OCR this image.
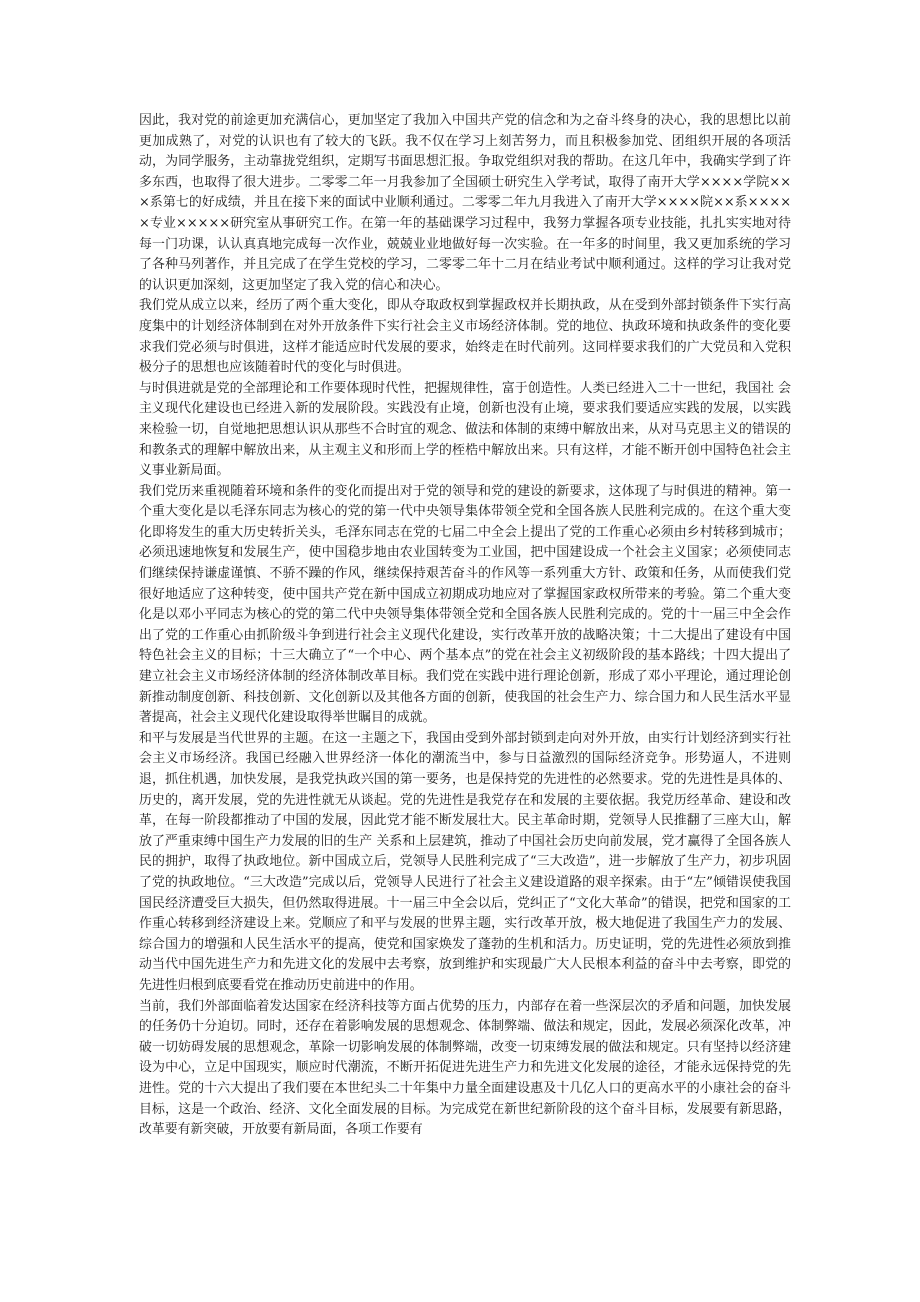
因此，我对党的前途更加充满信心，更加坚定了我加入中国共产党的信念和为之奋斗终身的决心，我的思想比以前更加成熟了，对党的认识也有了较大的飞跃。我不仅在学习上刻苦努力，而且积极参加党、团组织开展的各项活动，为同学服务，主动靠拢党组织，定期写书面思想汇报。争取党组织对我的帮助。在这几年中，我确实学到了许多东西，也取得了很大进步。二零零二年一月我参加了全国硕士研究生入学考试，取得了南开大学××××学院×××系第七的好成绩，并且在接下来的面试中业顺利通过。二零零二年九月我进入了南开大学××××院××系×××××专业×××××研究室从事研究工作。在第一年的基础课学习过程中，我努力掌握各项专业技能，扎扎实实地对待每一门功课，认认真真地完成每一次作业，兢兢业业地做好每一次实验。在一年多的时间里，我又更加系统的学习了各种马列著作，并且完成了在学生党校的学习，二零零二年十二月在结业考试中顺利通过。这样的学习让我对党的认识更加深刻，这更加坚定了我入党的信心和决心。

我们党从成立以来，经历了两个重大变化，即从夺取政权到掌握政权并长期执政，从在受到外部封锁条件下实行高度集中的计划经济体制到在对外开放条件下实行社会主义市场经济体制。党的地位、执政环境和执政条件的变化要求我们党必须与时俱进，这样才能适应时代发展的要求，始终走在时代前列。这同样要求我们的广大党员和入党积极分子的思想也应该随着时代的变化与时俱进。

与时俱进就是党的全部理论和工作要体现时代性，把握规律性，富于创造性。人类已经进入二十一世纪，我国社 会主义现代化建设也已经进入新的发展阶段。实践没有止境，创新也没有止境，要求我们要适应实践的发展，以实践来检验一切，自觉地把思想认识从那些不合时宜的观念、做法和体制的束缚中解放出来，从对马克思主义的错误的和教条式的理解中解放出来，从主观主义和形而上学的桎梏中解放出来。只有这样，才能不断开创中国特色社会主义事业新局面。

我们党历来重视随着环境和条件的变化而提出对于党的领导和党的建设的新要求，这体现了与时俱进的精神。第一个重大变化是以毛泽东同志为核心的党的第一代中央领导集体带领全党和全国各族人民胜利完成的。在这个重大变化即将发生的重大历史转折关头，毛泽东同志在党的七届二中全会上提出了党的工作重心必须由乡村转移到城市；必须迅速地恢复和发展生产，使中国稳步地由农业国转变为工业国，把中国建设成一个社会主义国家；必须使同志们继续保持谦虚谨慎、不骄不躁的作风，继续保持艰苦奋斗的作风等一系列重大方针、政策和任务，从而使我们党很好地适应了这种转变，使中国共产党在新中国成立初期成功地应对了掌握国家政权所带来的考验。第二个重大变化是以邓小平同志为核心的党的第二代中央领导集体带领全党和全国各族人民胜利完成的。党的十一届三中全会作出了党的工作重心由抓阶级斗争到进行社会主义现代化建设，实行改革开放的战略决策；十二大提出了建设有中国特色社会主义的目标；十三大确立了“一个中心、两个基本点”的党在社会主义初级阶段的基本路线；十四大提出了建立社会主义市场经济体制的经济体制改革目标。我们党在实践中进行理论创新，形成了邓小平理论，通过理论创新推动制度创新、科技创新、文化创新以及其他各方面的创新，使我国的社会生产力、综合国力和人民生活水平显著提高，社会主义现代化建设取得举世瞩目的成就。

和平与发展是当代世界的主题。在这一主题之下，我国由受到外部封锁到走向对外开放，由实行计划经济到实行社会主义市场经济。我国已经融入世界经济一体化的潮流当中，参与日益激烈的国际经济竞争。形势逼人，不进则退，抓住机遇，加快发展，是我党执政兴国的第一要务，也是保持党的先进性的必然要求。党的先进性是具体的、历史的，离开发展，党的先进性就无从谈起。党的先进性是我党存在和发展的主要依据。我党历经革命、建设和改革，在每一阶段都推动了中国的发展，因此党才能不断发展壮大。民主革命时期，党领导人民推翻了三座大山，解放了严重束缚中国生产力发展的旧的生产 关系和上层建筑，推动了中国社会历史向前发展，党才赢得了全国各族人民的拥护，取得了执政地位。新中国成立后，党领导人民胜利完成了“三大改造”，进一步解放了生产力，初步巩固了党的执政地位。“三大改造”完成以后，党领导人民进行了社会主义建设道路的艰辛探索。由于“左”倾错误使我国国民经济遭受巨大损失，但仍然取得进展。十一届三中全会以后，党纠正了“文化大革命”的错误，把党和国家的工作重心转移到经济建设上来。党顺应了和平与发展的世界主题，实行改革开放，极大地促进了我国生产力的发展、综合国力的增强和人民生活水平的提高，使党和国家焕发了蓬勃的生机和活力。历史证明，党的先进性必须放到推动当代中国先进生产力和先进文化的发展中去考察，放到维护和实现最广大人民根本利益的奋斗中去考察，即党的先进性归根到底要看党在推动历史前进中的作用。

当前，我们外部面临着发达国家在经济科技等方面占优势的压力，内部存在着一些深层次的矛盾和问题，加快发展的任务仍十分迫切。同时，还存在着影响发展的思想观念、体制弊端、做法和规定，因此，发展必须深化改革，冲破一切妨碍发展的思想观念，革除一切影响发展的体制弊端，改变一切束缚发展的做法和规定。只有坚持以经济建设为中心，立足中国现实，顺应时代潮流，不断开拓促进先进生产力和先进文化发展的途径，才能永远保持党的先进性。党的十六大提出了我们要在本世纪头二十年集中力量全面建设惠及十几亿人口的更高水平的小康社会的奋斗目标，这是一个政治、经济、文化全面发展的目标。为完成党在新世纪新阶段的这个奋斗目标，发展要有新思路，改革要有新突破，开放要有新局面，各项工作要有
